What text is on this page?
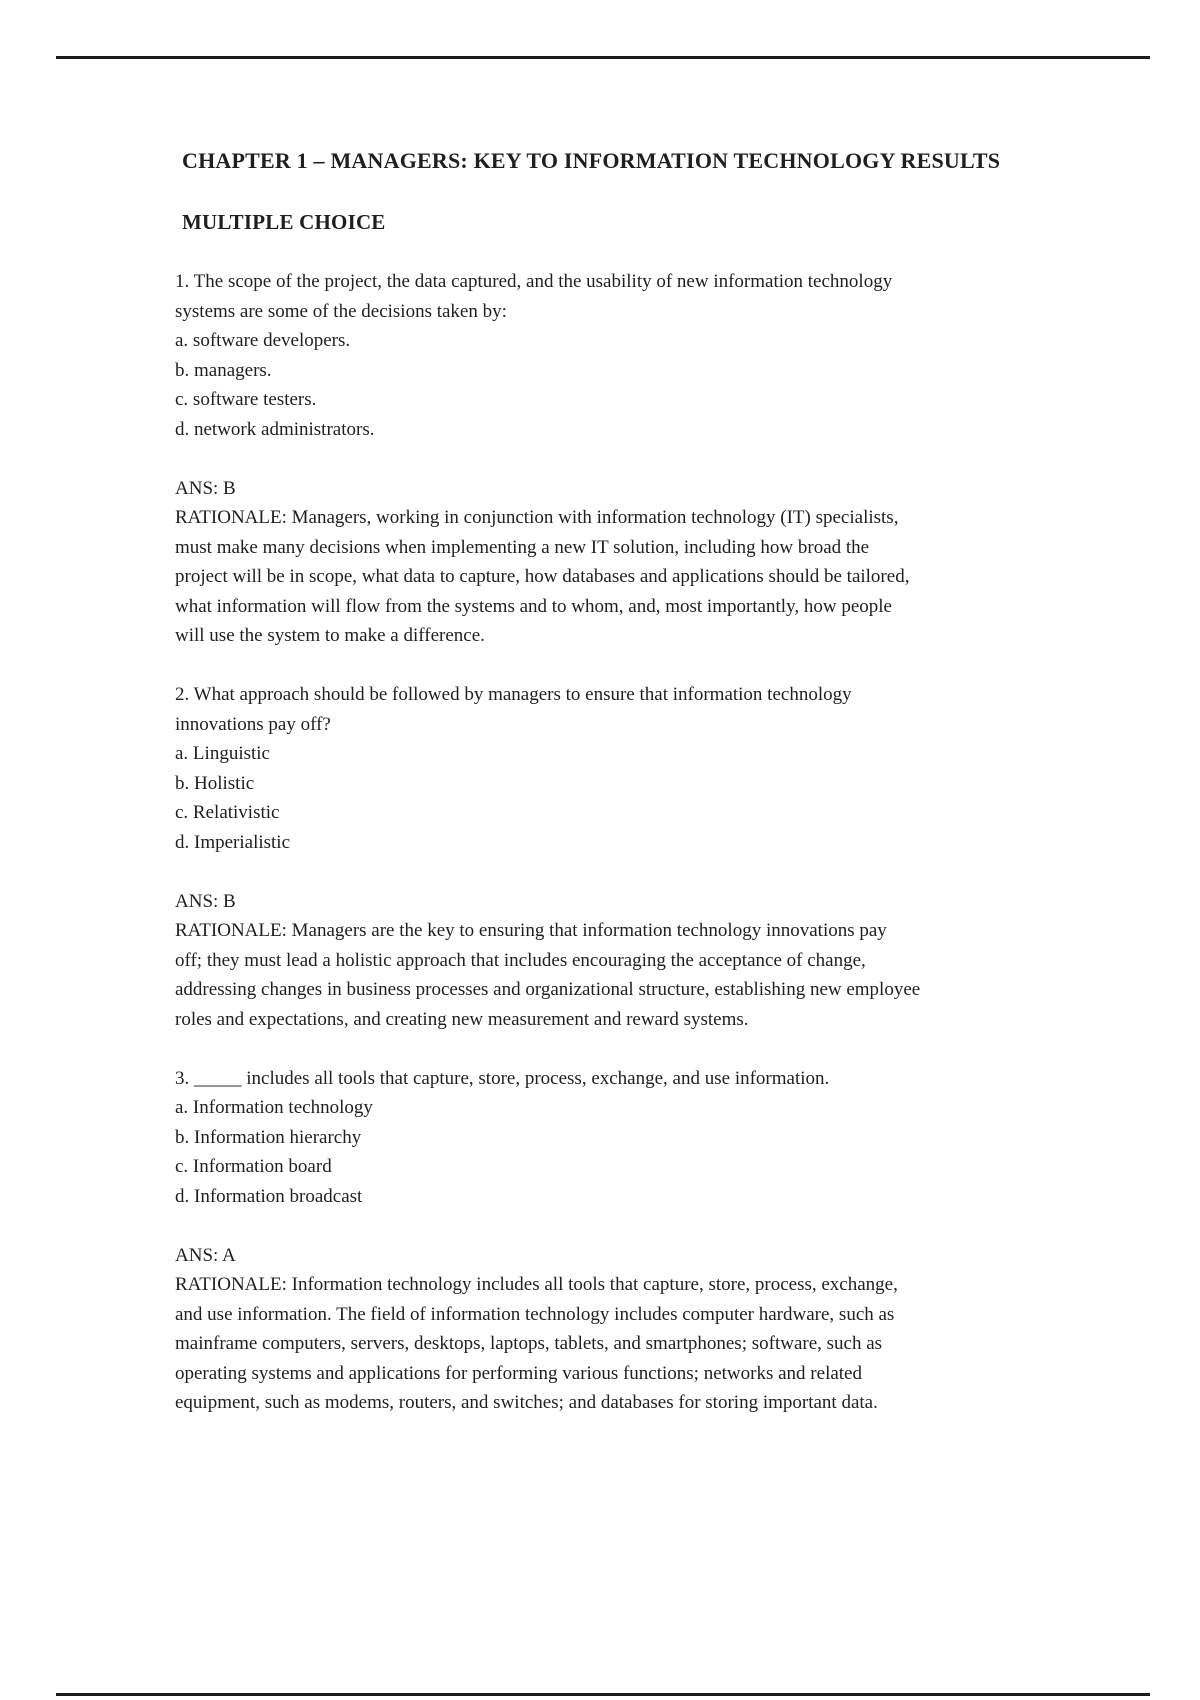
CHAPTER 1 – MANAGERS: KEY TO INFORMATION TECHNOLOGY RESULTS
MULTIPLE CHOICE
1. The scope of the project, the data captured, and the usability of new information technology
systems are some of the decisions taken by:
a. software developers.
b. managers.
c. software testers.
d. network administrators.
ANS: B
RATIONALE: Managers, working in conjunction with information technology (IT) specialists,
must make many decisions when implementing a new IT solution, including how broad the
project will be in scope, what data to capture, how databases and applications should be tailored,
what information will flow from the systems and to whom, and, most importantly, how people
will use the system to make a difference.
2. What approach should be followed by managers to ensure that information technology
innovations pay off?
a. Linguistic
b. Holistic
c. Relativistic
d. Imperialistic
ANS: B
RATIONALE: Managers are the key to ensuring that information technology innovations pay
off; they must lead a holistic approach that includes encouraging the acceptance of change,
addressing changes in business processes and organizational structure, establishing new employee
roles and expectations, and creating new measurement and reward systems.
3. _____ includes all tools that capture, store, process, exchange, and use information.
a. Information technology
b. Information hierarchy
c. Information board
d. Information broadcast
ANS: A
RATIONALE: Information technology includes all tools that capture, store, process, exchange,
and use information. The field of information technology includes computer hardware, such as
mainframe computers, servers, desktops, laptops, tablets, and smartphones; software, such as
operating systems and applications for performing various functions; networks and related
equipment, such as modems, routers, and switches; and databases for storing important data.
